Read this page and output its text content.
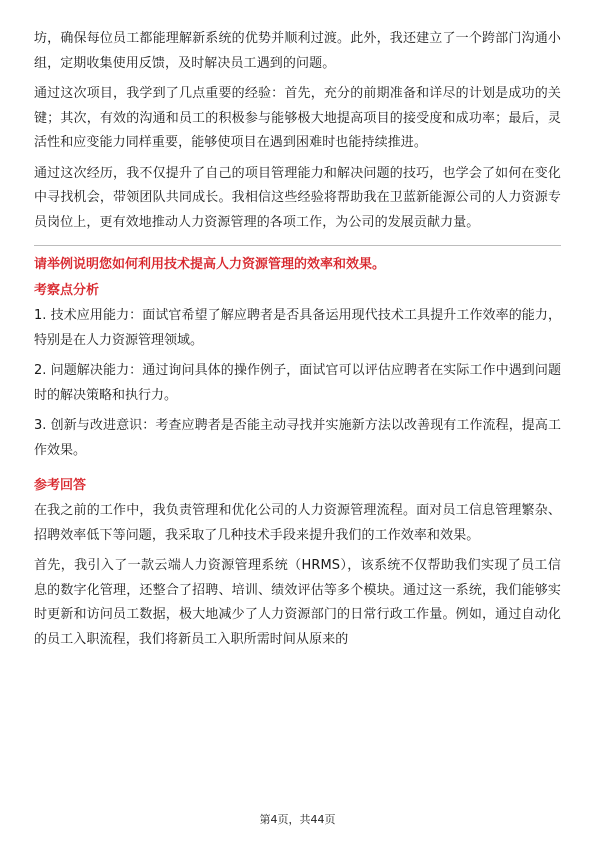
坊，确保每位员工都能理解新系统的优势并顺利过渡。此外，我还建立了一个跨部门沟通小组，定期收集使用反馈，及时解决员工遇到的问题。

通过这次项目，我学到了几点重要的经验：首先，充分的前期准备和详尽的计划是成功的关键；其次，有效的沟通和员工的积极参与能够极大地提高项目的接受度和成功率；最后，灵活性和应变能力同样重要，能够使项目在遇到困难时也能持续推进。

通过这次经历，我不仅提升了自己的项目管理能力和解决问题的技巧，也学会了如何在变化中寻找机会，带领团队共同成长。我相信这些经验将帮助我在卫蓝新能源公司的人力资源专员岗位上，更有效地推动人力资源管理的各项工作，为公司的发展贡献力量。

请举例说明您如何利用技术提高人力资源管理的效率和效果。
考察点分析
1. 技术应用能力：面试官希望了解应聘者是否具备运用现代技术工具提升工作效率的能力，特别是在人力资源管理领域。
2. 问题解决能力：通过询问具体的操作例子，面试官可以评估应聘者在实际工作中遇到问题时的解决策略和执行力。
3. 创新与改进意识：考查应聘者是否能主动寻找并实施新方法以改善现有工作流程，提高工作效果。
参考回答

在我之前的工作中，我负责管理和优化公司的人力资源管理流程。面对员工信息管理繁杂、招聘效率低下等问题，我采取了几种技术手段来提升我们的工作效率和效果。

首先，我引入了一款云端人力资源管理系统（HRMS），该系统不仅帮助我们实现了员工信息的数字化管理，还整合了招聘、培训、绩效评估等多个模块。通过这一系统，我们能够实时更新和访问员工数据，极大地减少了人力资源部门的日常行政工作量。例如，通过自动化的员工入职流程，我们将新员工入职所需时间从原来的

第4页，共44页
